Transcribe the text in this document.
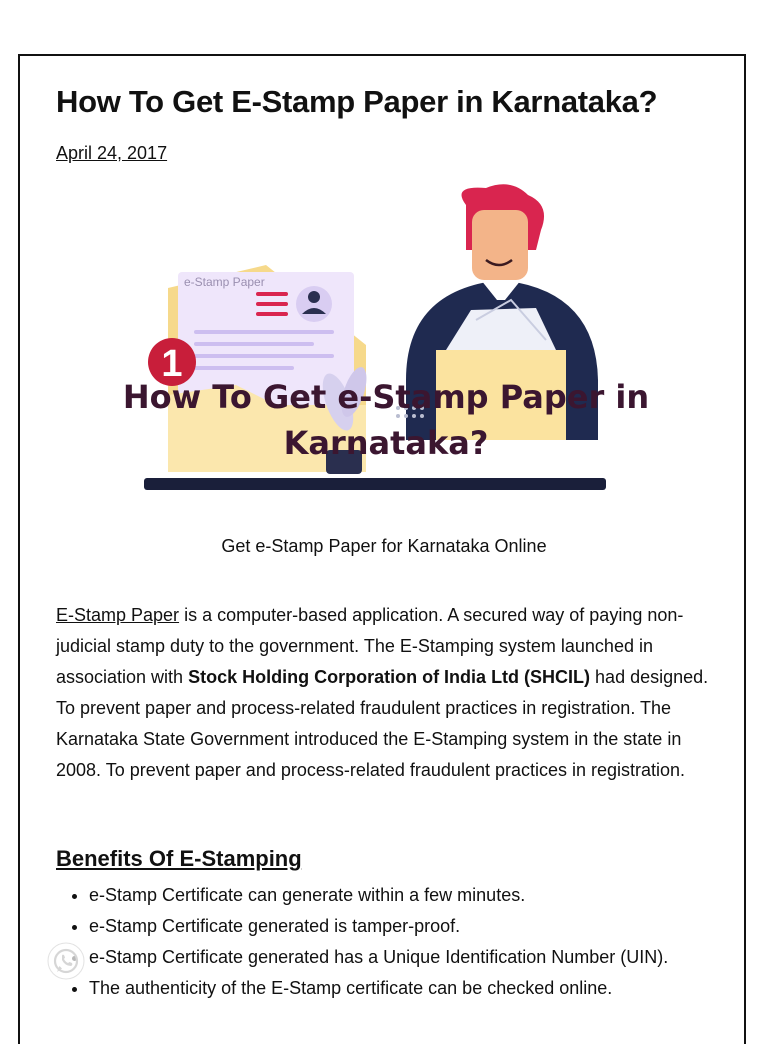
How To Get E-Stamp Paper in Karnataka?
April 24, 2017
e-Stamp Paper
1
How To Get e-Stamp Paper in
Karnataka?
Get e-Stamp Paper for Karnataka Online

E-Stamp Paper is a computer-based application. A secured way of paying non-judicial stamp duty to the government. The E-Stamping system launched in association with Stock Holding Corporation of India Ltd (SHCIL) had designed. To prevent paper and process-related fraudulent practices in registration. The Karnataka State Government introduced the E-Stamping system in the state in 2008. To prevent paper and process-related fraudulent practices in registration.

Benefits Of E-Stamping
• e-Stamp Certificate can generate within a few minutes.
• e-Stamp Certificate generated is tamper-proof.
• e-Stamp Certificate generated has a Unique Identification Number (UIN).
• The authenticity of the E-Stamp certificate can be checked online.
